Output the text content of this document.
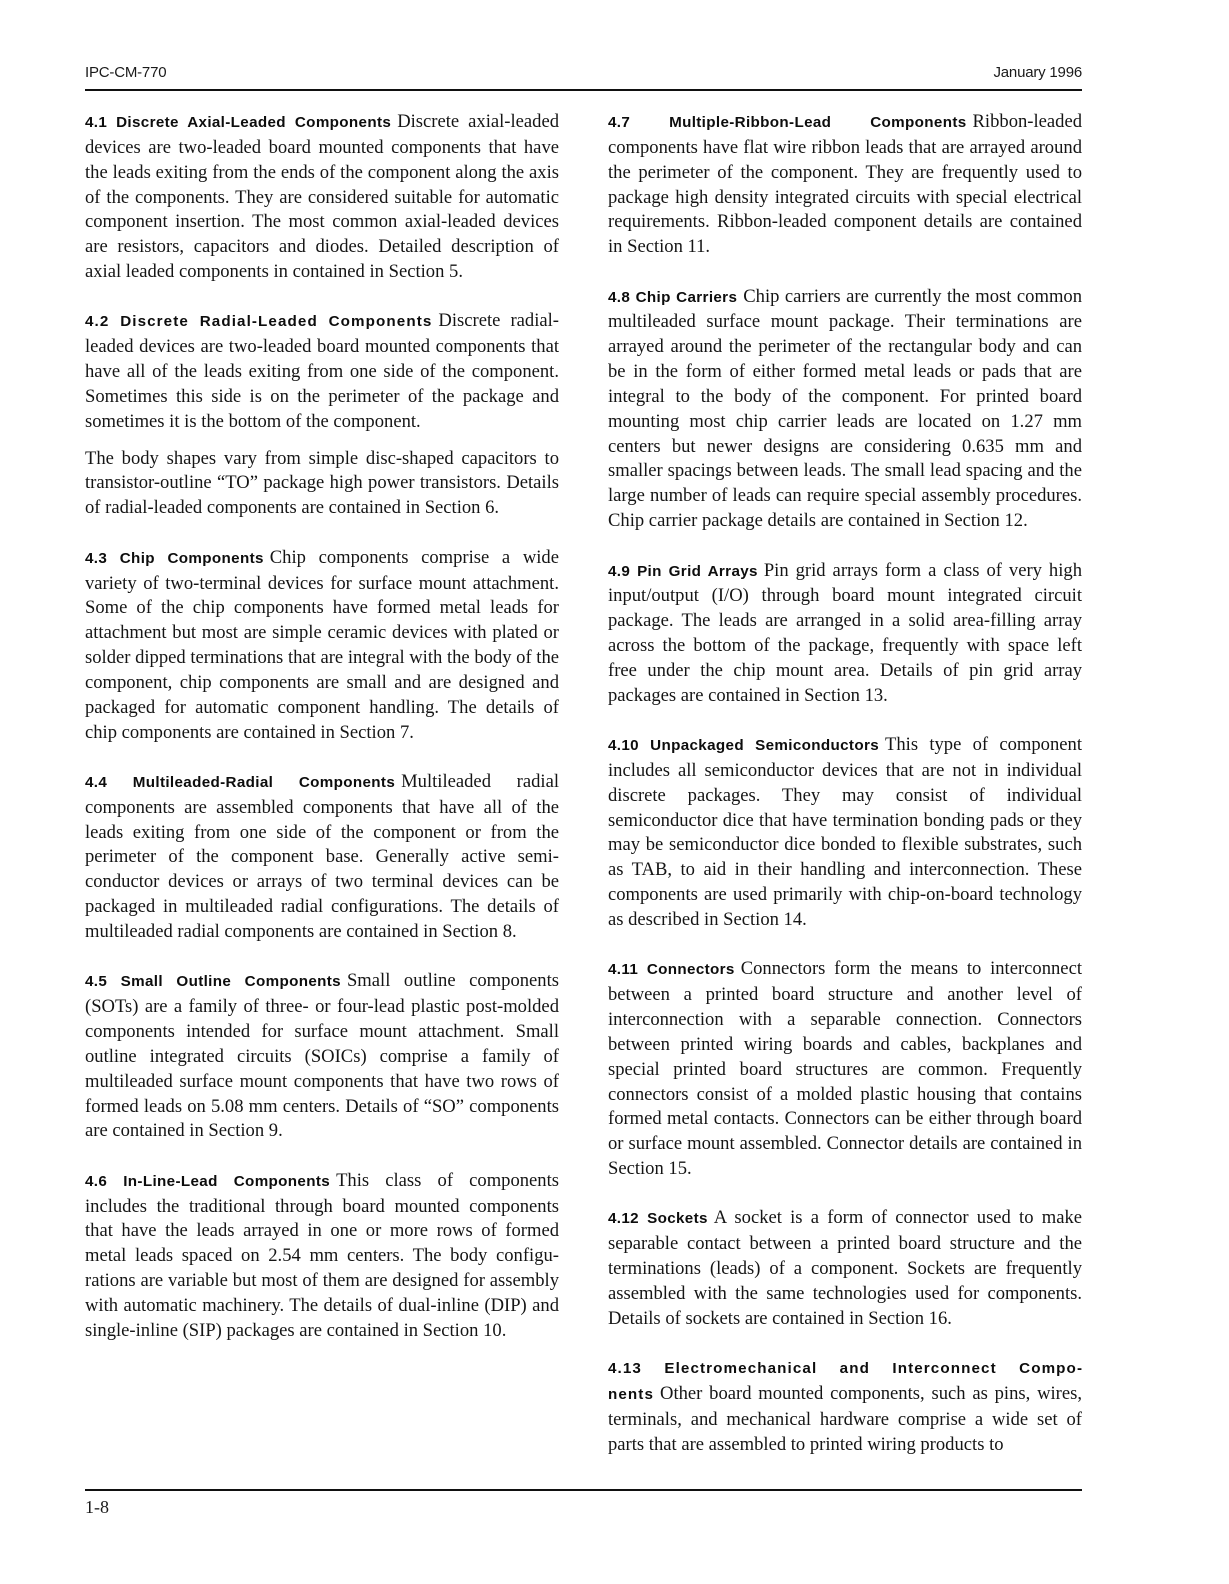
IPC-CM-770	January 1996

4.1 Discrete Axial-Leaded Components Discrete axial-leaded devices are two-leaded board mounted components that have the leads exiting from the ends of the component along the axis of the components. They are considered suitable for automatic component insertion. The most common axial-leaded devices are resistors, capacitors and diodes. Detailed description of axial leaded components in contained in Section 5.

4.2 Discrete Radial-Leaded Components Discrete radial-leaded devices are two-leaded board mounted components that have all of the leads exiting from one side of the component. Sometimes this side is on the perimeter of the package and sometimes it is the bottom of the component.

The body shapes vary from simple disc-shaped capacitors to transistor-outline “TO” package high power transistors. Details of radial-leaded components are contained in Section 6.

4.3 Chip Components Chip components comprise a wide variety of two-terminal devices for surface mount attachment. Some of the chip components have formed metal leads for attachment but most are simple ceramic devices with plated or solder dipped terminations that are integral with the body of the component, chip components are small and are designed and packaged for automatic component handling. The details of chip components are contained in Section 7.

4.4 Multileaded-Radial Components Multileaded radial components are assembled components that have all of the leads exiting from one side of the component or from the perimeter of the component base. Generally active semiconductor devices or arrays of two terminal devices can be packaged in multileaded radial configurations. The details of multileaded radial components are contained in Section 8.

4.5 Small Outline Components Small outline components (SOTs) are a family of three- or four-lead plastic post-molded components intended for surface mount attachment. Small outline integrated circuits (SOICs) comprise a family of multileaded surface mount components that have two rows of formed leads on 5.08 mm centers. Details of “SO” components are contained in Section 9.

4.6 In-Line-Lead Components This class of components includes the traditional through board mounted components that have the leads arrayed in one or more rows of formed metal leads spaced on 2.54 mm centers. The body configurations are variable but most of them are designed for assembly with automatic machinery. The details of dual-inline (DIP) and single-inline (SIP) packages are contained in Section 10.

4.7 Multiple-Ribbon-Lead Components Ribbon-leaded components have flat wire ribbon leads that are arrayed around the perimeter of the component. They are frequently used to package high density integrated circuits with special electrical requirements. Ribbon-leaded component details are contained in Section 11.

4.8 Chip Carriers Chip carriers are currently the most common multileaded surface mount package. Their terminations are arrayed around the perimeter of the rectangular body and can be in the form of either formed metal leads or pads that are integral to the body of the component. For printed board mounting most chip carrier leads are located on 1.27 mm centers but newer designs are considering 0.635 mm and smaller spacings between leads. The small lead spacing and the large number of leads can require special assembly procedures. Chip carrier package details are contained in Section 12.

4.9 Pin Grid Arrays Pin grid arrays form a class of very high input/output (I/O) through board mount integrated circuit package. The leads are arranged in a solid area-filling array across the bottom of the package, frequently with space left free under the chip mount area. Details of pin grid array packages are contained in Section 13.

4.10 Unpackaged Semiconductors This type of component includes all semiconductor devices that are not in individual discrete packages. They may consist of individual semiconductor dice that have termination bonding pads or they may be semiconductor dice bonded to flexible substrates, such as TAB, to aid in their handling and interconnection. These components are used primarily with chip-on-board technology as described in Section 14.

4.11 Connectors Connectors form the means to interconnect between a printed board structure and another level of interconnection with a separable connection. Connectors between printed wiring boards and cables, backplanes and special printed board structures are common. Frequently connectors consist of a molded plastic housing that contains formed metal contacts. Connectors can be either through board or surface mount assembled. Connector details are contained in Section 15.

4.12 Sockets A socket is a form of connector used to make separable contact between a printed board structure and the terminations (leads) of a component. Sockets are frequently assembled with the same technologies used for components. Details of sockets are contained in Section 16.

4.13 Electromechanical and Interconnect Components Other board mounted components, such as pins, wires, terminals, and mechanical hardware comprise a wide set of parts that are assembled to printed wiring products to

1-8
